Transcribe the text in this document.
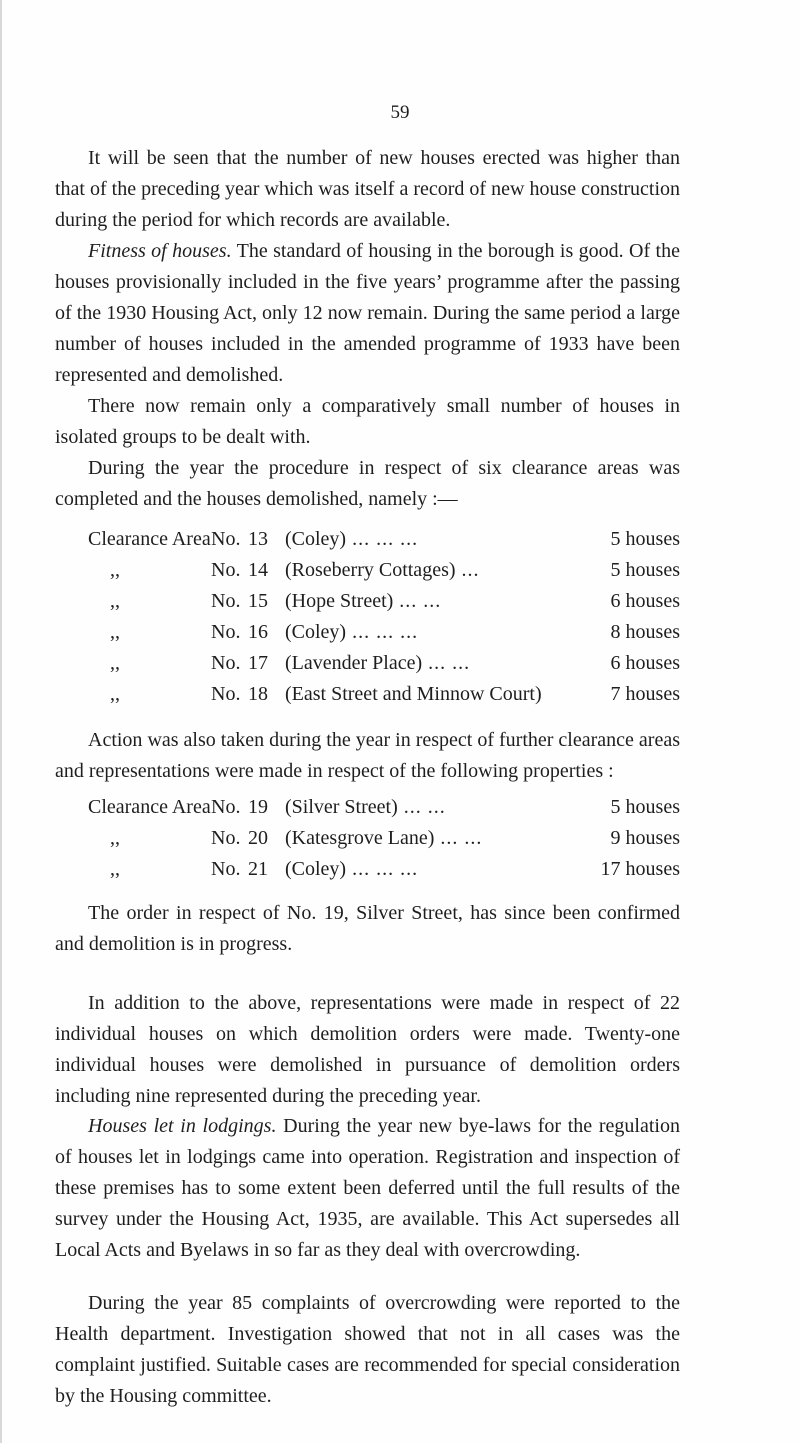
59

It will be seen that the number of new houses erected was higher than that of the preceding year which was itself a record of new house construction during the period for which records are available.

Fitness of houses. The standard of housing in the borough is good. Of the houses provisionally included in the five years’ programme after the passing of the 1930 Housing Act, only 12 now remain. During the same period a large number of houses included in the amended programme of 1933 have been represented and demolished.

There now remain only a comparatively small number of houses in isolated groups to be dealt with.

During the year the procedure in respect of six clearance areas was completed and the houses demolished, namely :—

Clearance Area No. 13 (Coley) ... ... ...	5 houses
,,	No. 14 (Roseberry Cottages) ...	5 houses
,,	No. 15 (Hope Street) ... ...	6 houses
,,	No. 16 (Coley) ... ... ...	8 houses
,,	No. 17 (Lavender Place) ... ...	6 houses
,,	No. 18 (East Street and Minnow Court)	7 houses

Action was also taken during the year in respect of further clearance areas and representations were made in respect of the following properties :

Clearance Area No. 19 (Silver Street) ... ...	5 houses
,,	No. 20 (Katesgrove Lane) ... ...	9 houses
,,	No. 21 (Coley) ... ... ...	17 houses

The order in respect of No. 19, Silver Street, has since been confirmed and demolition is in progress.

In addition to the above, representations were made in respect of 22 individual houses on which demolition orders were made. Twenty-one individual houses were demolished in pursuance of demolition orders including nine represented during the preceding year.

Houses let in lodgings. During the year new bye-laws for the regulation of houses let in lodgings came into operation. Registration and inspection of these premises has to some extent been deferred until the full results of the survey under the Housing Act, 1935, are available. This Act supersedes all Local Acts and Byelaws in so far as they deal with overcrowding.

During the year 85 complaints of overcrowding were reported to the Health department. Investigation showed that not in all cases was the complaint justified. Suitable cases are recommended for special consideration by the Housing committee.
